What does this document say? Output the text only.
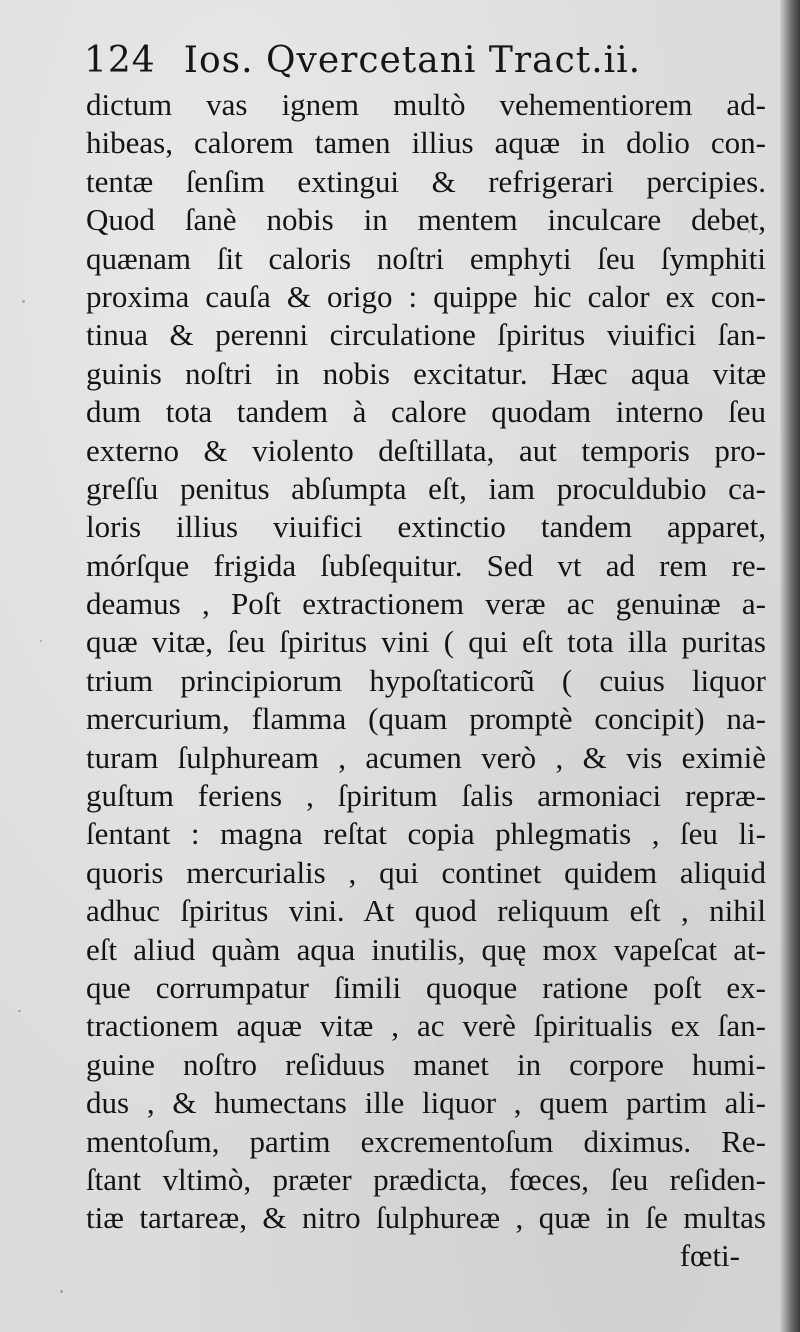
124 Ios. Qvercetani Tract.ii.
dictum vas ignem multò vehementiorem ad-
hibeas, calorem tamen illius aquæ in dolio con-
tentæ ſenſim extingui & refrigerari percipies.
Quod ſanè nobis in mentem inculcare debet,
quænam ſit caloris noſtri emphyti ſeu ſymphiti
proxima cauſa & origo : quippe hic calor ex con-
tinua & perenni circulatione ſpiritus viuifici ſan-
guinis noſtri in nobis excitatur. Hæc aqua vitæ
dum tota tandem à calore quodam interno ſeu
externo & violento deſtillata, aut temporis pro-
greſſu penitus abſumpta eſt, iam proculdubio ca-
loris illius viuifici extinctio tandem apparet,
mórſque frigida ſubſequitur. Sed vt ad rem re-
deamus , Poſt extractionem veræ ac genuinæ a-
quæ vitæ, ſeu ſpiritus vini ( qui eſt tota illa puritas
trium principiorum hypoſtaticorũ ( cuius liquor
mercurium, flamma (quam promptè concipit) na-
turam ſulphuream , acumen verò , & vis eximiè
guſtum feriens , ſpiritum ſalis armoniaci repræ-
ſentant : magna reſtat copia phlegmatis , ſeu li-
quoris mercurialis , qui continet quidem aliquid
adhuc ſpiritus vini. At quod reliquum eſt , nihil
eſt aliud quàm aqua inutilis, quę mox vapeſcat at-
que corrumpatur ſimili quoque ratione poſt ex-
tractionem aquæ vitæ , ac verè ſpiritualis ex ſan-
guine noſtro reſiduus manet in corpore humi-
dus , & humectans ille liquor , quem partim ali-
mentoſum, partim excrementoſum diximus. Re-
ſtant vltimò, præter prædicta, fœces, ſeu reſiden-
tiæ tartareæ, & nitro ſulphureæ , quæ in ſe multas
fœti-
